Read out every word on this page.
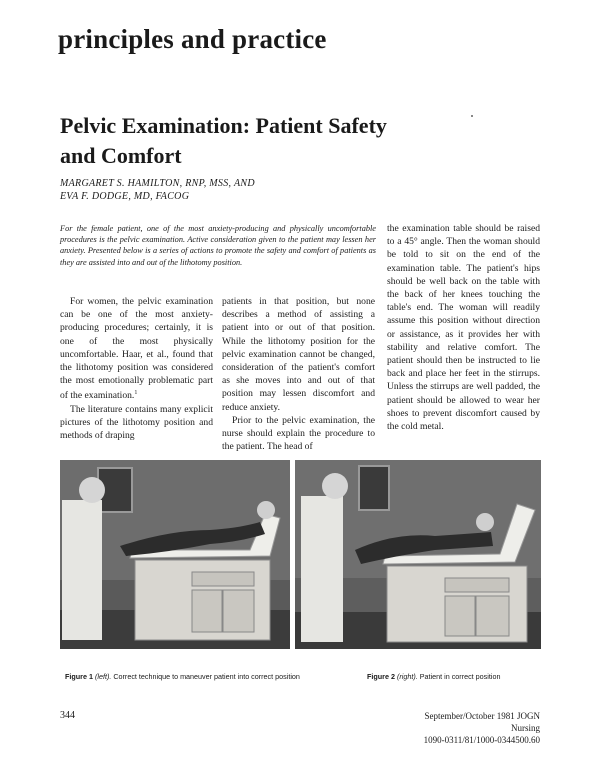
principles and practice
Pelvic Examination: Patient Safety and Comfort
MARGARET S. HAMILTON, RNP, MSS, AND
EVA F. DODGE, MD, FACOG
For the female patient, one of the most anxiety-producing and physically uncomfortable procedures is the pelvic examination. Active consideration given to the patient may lessen her anxiety. Presented below is a series of actions to promote the safety and comfort of patients as they are assisted into and out of the lithotomy position.

For women, the pelvic examination can be one of the most anxiety-producing procedures; certainly, it is one of the most physically uncomfortable. Haar, et al., found that the lithotomy position was considered the most emotionally problematic part of the examination.$^1$

The literature contains many explicit pictures of the lithotomy position and methods of draping

patients in that position, but none describes a method of assisting a patient into or out of that position. While the lithotomy position for the pelvic examination cannot be changed, consideration of the patient's comfort as she moves into and out of that position may lessen discomfort and reduce anxiety.

Prior to the pelvic examination, the nurse should explain the procedure to the patient. The head of

the examination table should be raised to a 45° angle. Then the woman should be told to sit on the end of the examination table. The patient's hips should be well back on the table with the back of her knees touching the table's end. The woman will readily assume this position without direction or assistance, as it provides her with stability and relative comfort. The patient should then be instructed to lie back and place her feet in the stirrups. Unless the stirrups are well padded, the patient should be allowed to wear her shoes to prevent discomfort caused by the cold metal.

Figure 1 (left). Correct technique to maneuver patient into correct position	Figure 2 (right). Patient in correct position
344	September/October 1981 JOGN Nursing
1090-0311/81/1000-0344500.60
